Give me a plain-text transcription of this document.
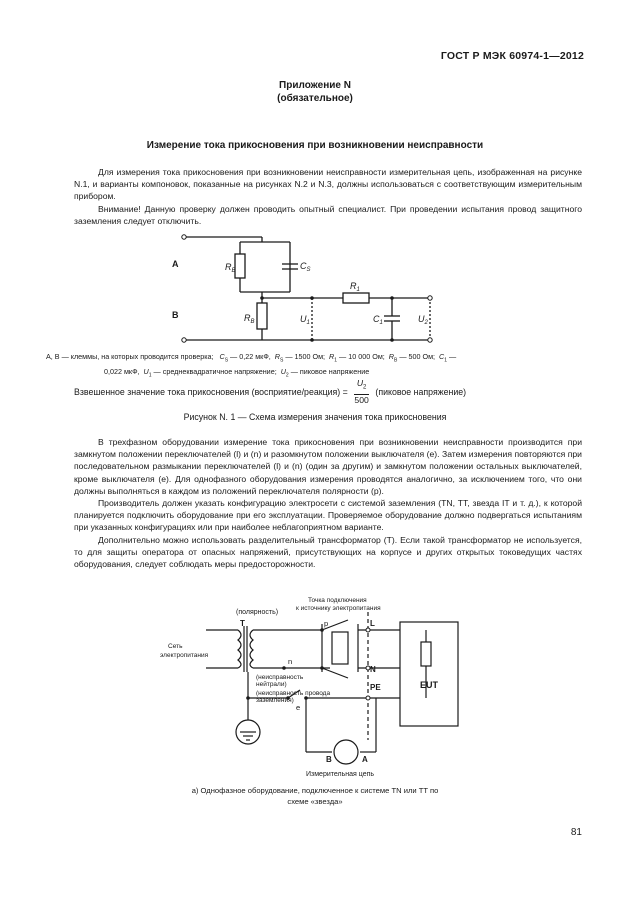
ГОСТ Р МЭК 60974-1—2012
Приложение N
(обязательное)
Измерение тока прикосновения при возникновении неисправности

Для измерения тока прикосновения при возникновении неисправности измерительная цепь, изображенная на рисунке N.1, и варианты компоновок, показанные на рисунках N.2 и N.3, должны использоваться с соответствующим измерительным прибором.

Внимание! Данную проверку должен проводить опытный специалист. При проведении испытания провод защитного заземления следует отключить.

A
B
$R_B$	$C_S$
$R_1$
$R_B$	$U_1$	$C_1$	$U_2$
A, B — клеммы, на которых проводится проверка; $C_S$ — 0,22 мкФ, $R_S$ — 1500 Ом; $R_1$ — 10 000 Ом; $R_B$ — 500 Ом; $C_1$ —
0,022 мкФ, $U_1$ — среднеквадратичное напряжение; $U_2$ — пиковое напряжение
Взвешенное значение тока прикосновения (восприятие/реакция) = $\frac{U_2}{500}$ (пиковое напряжение)
Рисунок N. 1 — Схема измерения значения тока прикосновения

В трехфазном оборудовании измерение тока прикосновения при возникновении неисправности производится при замкнутом положении переключателей (l) и (n) и разомкнутом положении выключателя (e). Затем измерения повторяются при последовательном размыкании переключателей (l) и (n) (один за другим) и замкнутом положении остальных выключателей, кроме выключателя (e). Для однофазного оборудования измерения проводятся аналогично, за исключением того, что они должны выполняться в каждом из положений переключателя полярности (p).

Производитель должен указать конфигурацию электросети с системой заземления (TN, TT, звезда IT и т. д.), к которой планируется подключить оборудование при его эксплуатации. Проверяемое оборудование должно подвергаться испытаниям при указанных конфигурациях или при наиболее неблагоприятном варианте.

Дополнительно можно использовать разделительный трансформатор (T). Если такой трансформатор не используется, то для защиты оператора от опасных напряжений, присутствующих на корпусе и других открытых токоведущих частях оборудования, следует соблюдать меры предосторожности.

Точка подключения
к источнику электропитания
(полярность)
T
Сеть
электропитания
p	L
n
N
(неисправность
нейтрали)
(неисправность провода
заземления)
PE
e
EUT
B	A
Измерительная цепь
a) Однофазное оборудование, подключенное к системе TN или TT по
схеме «звезда»
81
